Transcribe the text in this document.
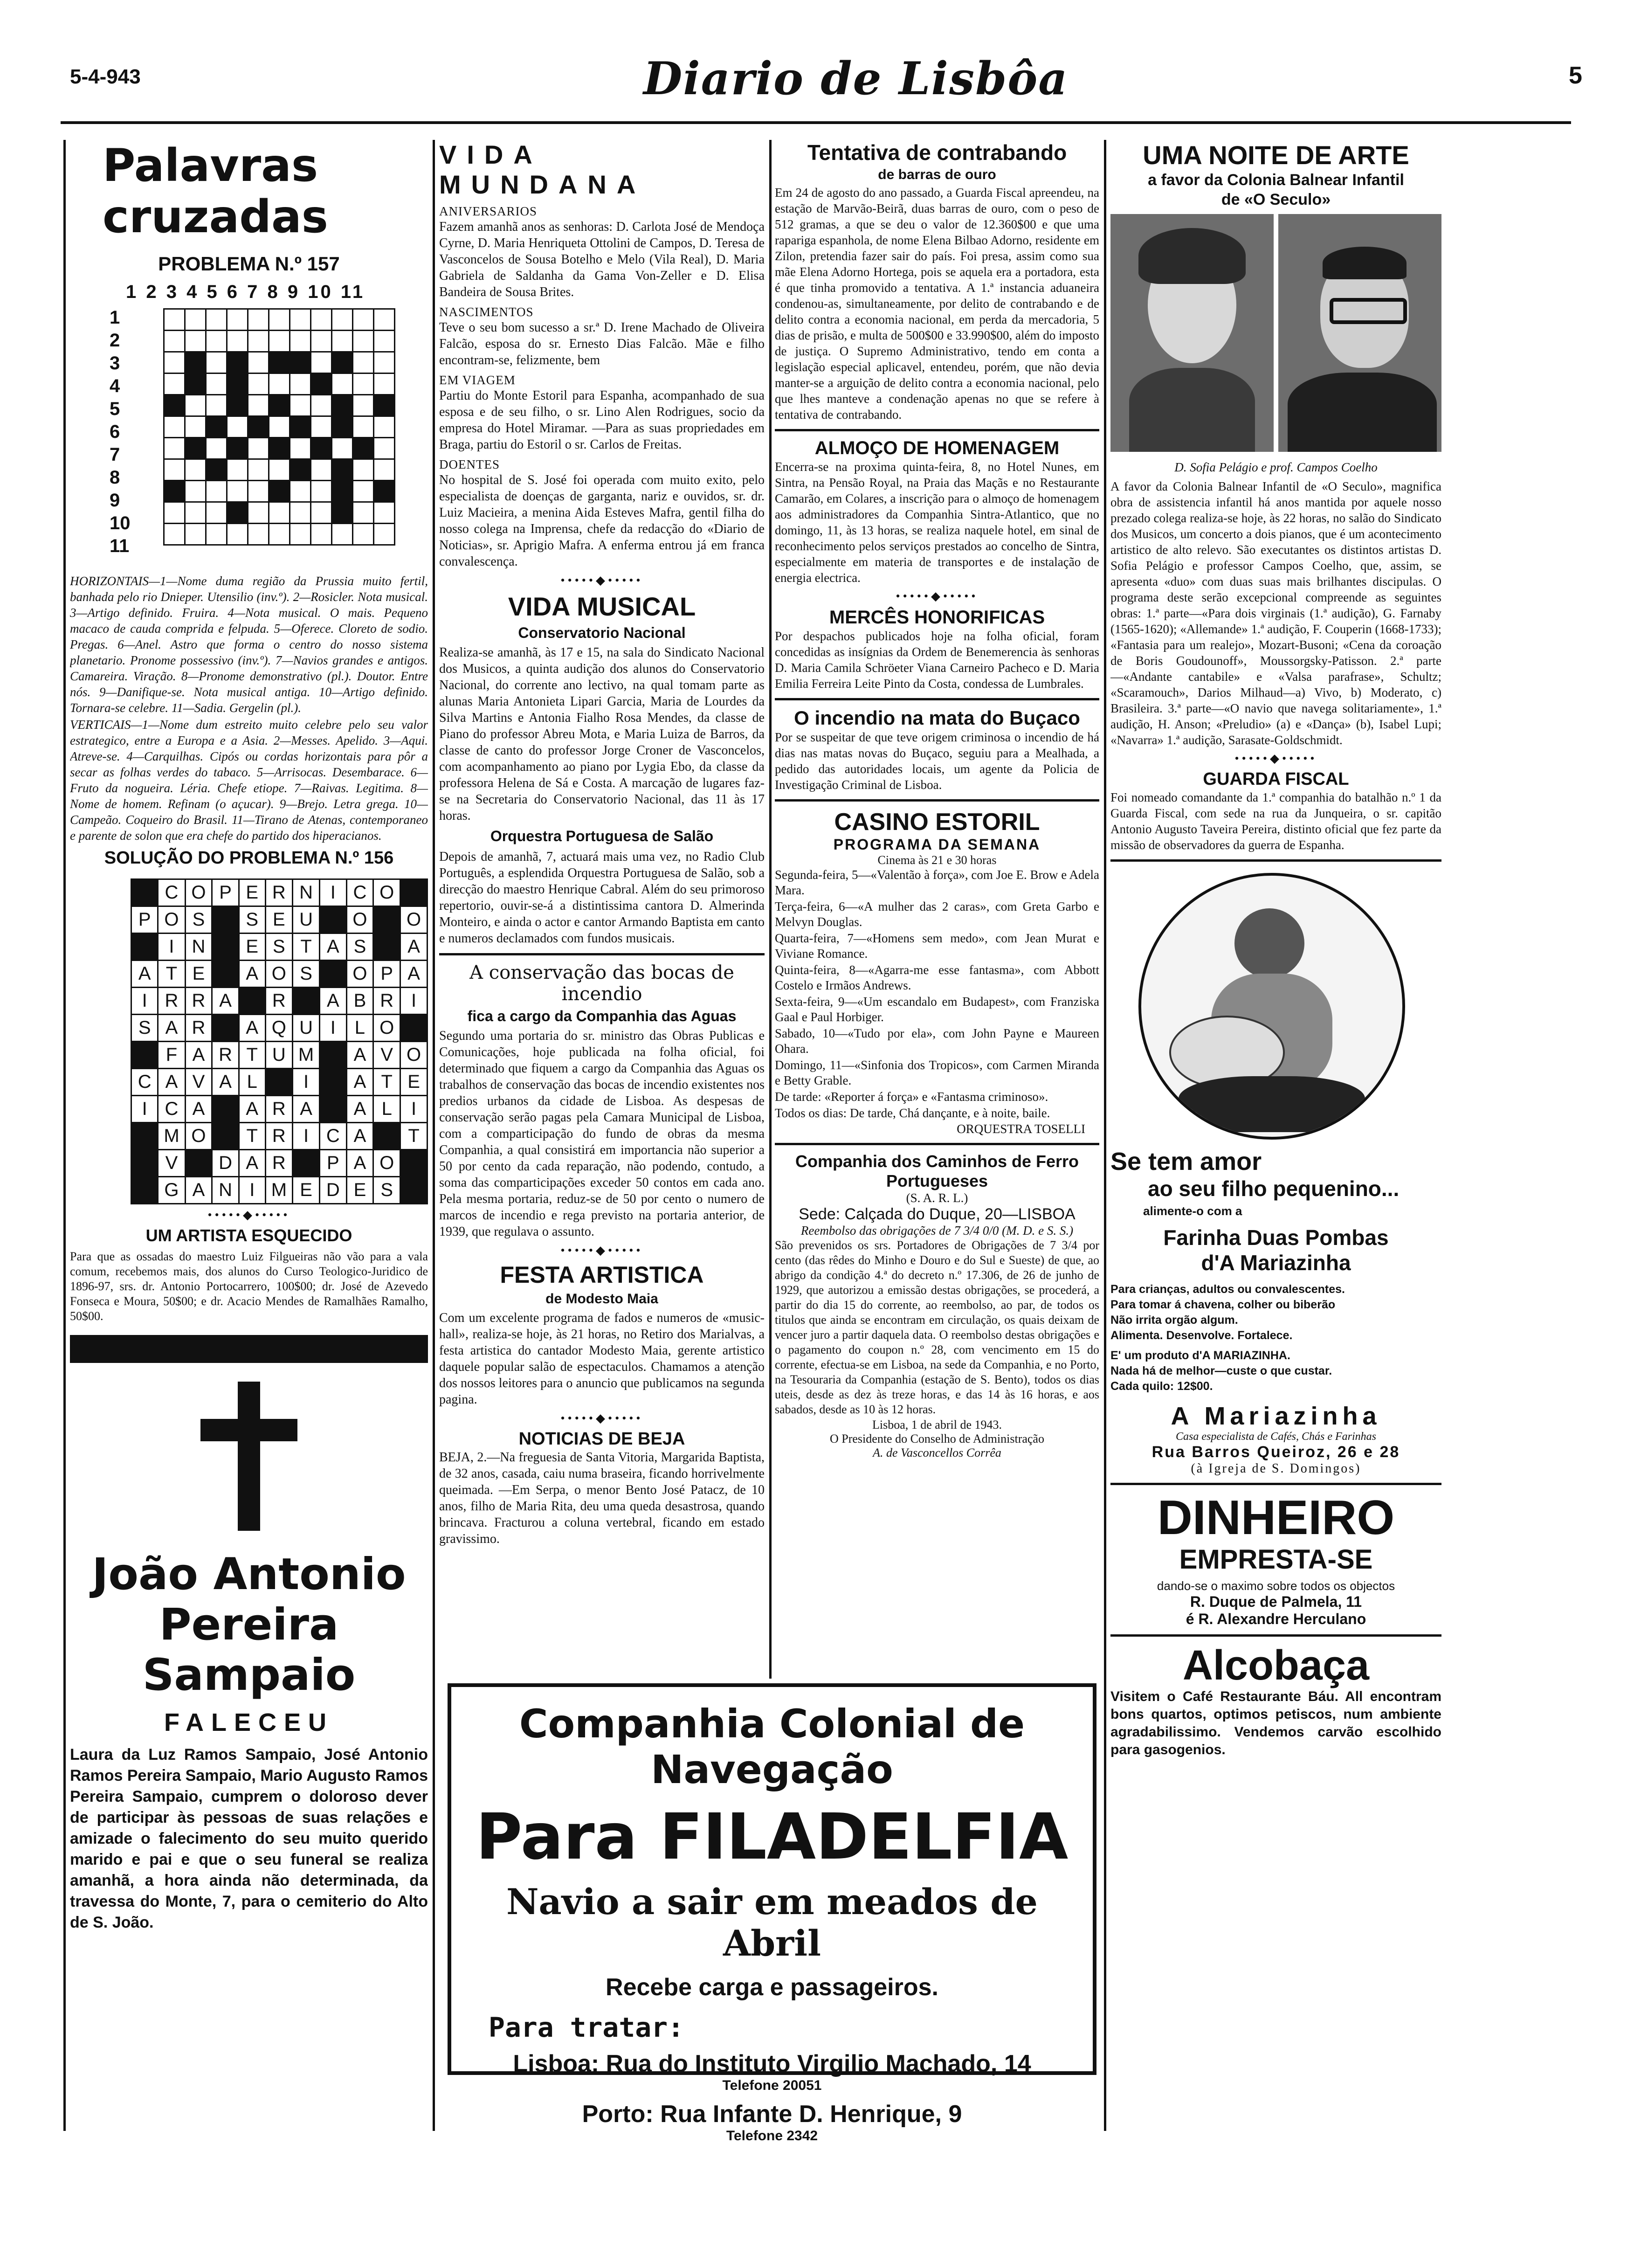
5-4-943	Diario de Lisbôa	5
Palavras cruzadas
PROBLEMA N.º 157
1 2 3 4 5 6 7 8 9 10 11
1
2
3
4
5
6
7
8
9
10
11

HORIZONTAIS—1—Nome duma região da Prussia muito fertil, banhada pelo rio Dnieper. Utensilio (inv.º). 2—Rosicler. Nota musical. 3—Artigo definido. Fruira. 4—Nota musical. O mais. Pequeno macaco de cauda comprida e felpuda. 5—Oferece. Cloreto de sodio. Pregas. 6—Anel. Astro que forma o centro do nosso sistema planetario. Pronome possessivo (inv.º). 7—Navios grandes e antigos. Camareira. Viração. 8—Pronome demonstrativo (pl.). Doutor. Entre nós. 9—Danifique-se. Nota musical antiga. 10—Artigo definido. Tornara-se celebre. 11—Sadia. Gergelin (pl.).
VERTICAIS—1—Nome dum estreito muito celebre pelo seu valor estrategico, entre a Europa e a Asia. 2—Messes. Apelido. 3—Aqui. Atreve-se. 4—Carquilhas. Cipós ou cordas horizontais para pôr a secar as folhas verdes do tabaco. 5—Arrisocas. Desembarace. 6—Fruto da nogueira. Léria. Chefe etiope. 7—Raivas. Legitima. 8—Nome de homem. Refinam (o açucar). 9—Brejo. Letra grega. 10—Campeão. Coqueiro do Brasil. 11—Tirano de Atenas, contemporaneo e parente de solon que era chefe do partido dos hiperacianos.
SOLUÇÃO DO PROBLEMA N.º 156
	C	O	P	E	R	N	I	C	O	
P	O	S		S	E	U		O		O
	I	N		E	S	T	A	S		A
A	T	E		A	O	S		O	P	A
I	R	R	A		R		A	B	R	I
S	A	R		A	Q	U	I	L	O	
	F	A	R	T	U	M		A	V	O
C	A	V	A	L		I		A	T	E
I	C	A		A	R	A		A	L	I
	M	O		T	R	I	C	A		T
	V		D	A	R		P	A	O	
	G	A	N	I	M	E	D	E	S	
•••••◆•••••
UM ARTISTA ESQUECIDO
Para que as ossadas do maestro Luiz Filgueiras não vão para a vala comum, recebemos mais, dos alunos do Curso Teologico-Juridico de 1896-97, srs. dr. Antonio Portocarrero, 100$00; dr. José de Azevedo Fonseca e Moura, 50$00; e dr. Acacio Mendes de Ramalhães Ramalho, 50$00.
João Antonio Pereira Sampaio
FALECEU
Laura da Luz Ramos Sampaio, José Antonio Ramos Pereira Sampaio, Mario Augusto Ramos Pereira Sampaio, cumprem o doloroso dever de participar às pessoas de suas relações e amizade o falecimento do seu muito querido marido e pai e que o seu funeral se realiza amanhã, a hora ainda não determinada, da travessa do Monte, 7, para o cemiterio do Alto de S. João.
VIDA MUNDANA
ANIVERSARIOS
Fazem amanhã anos as senhoras: D. Carlota José de Mendoça Cyrne, D. Maria Henriqueta Ottolini de Campos, D. Teresa de Vasconcelos de Sousa Botelho e Melo (Vila Real), D. Maria Gabriela de Saldanha da Gama Von-Zeller e D. Elisa Bandeira de Sousa Brites.
NASCIMENTOS
Teve o seu bom sucesso a sr.ª D. Irene Machado de Oliveira Falcão, esposa do sr. Ernesto Dias Falcão. Mãe e filho encontram-se, felizmente, bem
EM VIAGEM
Partiu do Monte Estoril para Espanha, acompanhado de sua esposa e de seu filho, o sr. Lino Alen Rodrigues, socio da empresa do Hotel Miramar. —Para as suas propriedades em Braga, partiu do Estoril o sr. Carlos de Freitas.
DOENTES
No hospital de S. José foi operada com muito exito, pelo especialista de doenças de garganta, nariz e ouvidos, sr. dr. Luiz Macieira, a menina Aida Esteves Mafra, gentil filha do nosso colega na Imprensa, chefe da redacção do «Diario de Noticias», sr. Aprigio Mafra. A enferma entrou já em franca convalescença.
•••••◆•••••
VIDA MUSICAL
Conservatorio Nacional
Realiza-se amanhã, às 17 e 15, na sala do Sindicato Nacional dos Musicos, a quinta audição dos alunos do Conservatorio Nacional, do corrente ano lectivo, na qual tomam parte as alunas Maria Antonieta Lipari Garcia, Maria de Lourdes da Silva Martins e Antonia Fialho Rosa Mendes, da classe de Piano do professor Abreu Mota, e Maria Luiza de Barros, da classe de canto do professor Jorge Croner de Vasconcelos, com acompanhamento ao piano por Lygia Ebo, da classe da professora Helena de Sá e Costa. A marcação de lugares faz-se na Secretaria do Conservatorio Nacional, das 11 às 17 horas.
Orquestra Portuguesa de Salão
Depois de amanhã, 7, actuará mais uma vez, no Radio Club Português, a esplendida Orquestra Portuguesa de Salão, sob a direcção do maestro Henrique Cabral. Além do seu primoroso repertorio, ouvir-se-á a distintissima cantora D. Almerinda Monteiro, e ainda o actor e cantor Armando Baptista em canto e numeros declamados com fundos musicais.
A conservação das bocas de incendio
fica a cargo da Companhia das Aguas
Segundo uma portaria do sr. ministro das Obras Publicas e Comunicações, hoje publicada na folha oficial, foi determinado que fiquem a cargo da Companhia das Aguas os trabalhos de conservação das bocas de incendio existentes nos predios urbanos da cidade de Lisboa. As despesas de conservação serão pagas pela Camara Municipal de Lisboa, com a comparticipação do fundo de obras da mesma Companhia, a qual consistirá em importancia não superior a 50 por cento da cada reparação, não podendo, contudo, a soma das comparticipações exceder 50 contos em cada ano. Pela mesma portaria, reduz-se de 50 por cento o numero de marcos de incendio e rega previsto na portaria anterior, de 1939, que regulava o assunto.
•••••◆•••••
FESTA ARTISTICA
de Modesto Maia
Com um excelente programa de fados e numeros de «music-hall», realiza-se hoje, às 21 horas, no Retiro dos Marialvas, a festa artistica do cantador Modesto Maia, gerente artistico daquele popular salão de espectaculos. Chamamos a atenção dos nossos leitores para o anuncio que publicamos na segunda pagina.
•••••◆•••••
NOTICIAS DE BEJA
BEJA, 2.—Na freguesia de Santa Vitoria, Margarida Baptista, de 32 anos, casada, caiu numa braseira, ficando horrivelmente queimada. —Em Serpa, o menor Bento José Patacz, de 10 anos, filho de Maria Rita, deu uma queda desastrosa, quando brincava. Fracturou a coluna vertebral, ficando em estado gravissimo.
Tentativa de contrabando
de barras de ouro
Em 24 de agosto do ano passado, a Guarda Fiscal apreendeu, na estação de Marvão-Beirã, duas barras de ouro, com o peso de 512 gramas, a que se deu o valor de 12.360$00 e que uma rapariga espanhola, de nome Elena Bilbao Adorno, residente em Zilon, pretendia fazer sair do país. Foi presa, assim como sua mãe Elena Adorno Hortega, pois se aquela era a portadora, esta é que tinha promovido a tentativa. A 1.ª instancia aduaneira condenou-as, simultaneamente, por delito de contrabando e de delito contra a economia nacional, em perda da mercadoria, 5 dias de prisão, e multa de 500$00 e 33.990$00, além do imposto de justiça. O Supremo Administrativo, tendo em conta a legislação especial aplicavel, entendeu, porém, que não devia manter-se a arguição de delito contra a economia nacional, pelo que lhes manteve a condenação apenas no que se refere à tentativa de contrabando.
ALMOÇO DE HOMENAGEM
Encerra-se na proxima quinta-feira, 8, no Hotel Nunes, em Sintra, na Pensão Royal, na Praia das Maçãs e no Restaurante Camarão, em Colares, a inscrição para o almoço de homenagem aos administradores da Companhia Sintra-Atlantico, que no domingo, 11, às 13 horas, se realiza naquele hotel, em sinal de reconhecimento pelos serviços prestados ao concelho de Sintra, especialmente em materia de transportes e de instalação de energia electrica.
•••••◆•••••
MERCÊS HONORIFICAS
Por despachos publicados hoje na folha oficial, foram concedidas as insígnias da Ordem de Benemerencia às senhoras D. Maria Camila Schröeter Viana Carneiro Pacheco e D. Maria Emilia Ferreira Leite Pinto da Costa, condessa de Lumbrales.
O incendio na mata do Buçaco
Por se suspeitar de que teve origem criminosa o incendio de há dias nas matas novas do Buçaco, seguiu para a Mealhada, a pedido das autoridades locais, um agente da Policia de Investigação Criminal de Lisboa.
CASINO ESTORIL
PROGRAMA DA SEMANA
Cinema às 21 e 30 horas
Segunda-feira, 5—«Valentão à força», com Joe E. Brow e Adela Mara.
Terça-feira, 6—«A mulher das 2 caras», com Greta Garbo e Melvyn Douglas.
Quarta-feira, 7—«Homens sem medo», com Jean Murat e Viviane Romance.
Quinta-feira, 8—«Agarra-me esse fantasma», com Abbott Costelo e Irmãos Andrews.
Sexta-feira, 9—«Um escandalo em Budapest», com Franziska Gaal e Paul Horbiger.
Sabado, 10—«Tudo por ela», com John Payne e Maureen Ohara.
Domingo, 11—«Sinfonia dos Tropicos», com Carmen Miranda e Betty Grable.
De tarde: «Reporter á força» e «Fantasma criminoso».
Todos os dias: De tarde, Chá dançante, e à noite, baile.
ORQUESTRA TOSELLI
Companhia dos Caminhos de Ferro Portugueses
(S. A. R. L.)
Sede: Calçada do Duque, 20—LISBOA
Reembolso das obrigações de 7 3/4 0/0 (M. D. e S. S.)
São prevenidos os srs. Portadores de Obrigações de 7 3/4 por cento (das rêdes do Minho e Douro e do Sul e Sueste) de que, ao abrigo da condição 4.ª do decreto n.º 17.306, de 26 de junho de 1929, que autorizou a emissão destas obrigações, se procederá, a partir do dia 15 do corrente, ao reembolso, ao par, de todos os titulos que ainda se encontram em circulação, os quais deixam de vencer juro a partir daquela data. O reembolso destas obrigações e o pagamento do coupon n.º 28, com vencimento em 15 do corrente, efectua-se em Lisboa, na sede da Companhia, e no Porto, na Tesouraria da Companhia (estação de S. Bento), todos os dias uteis, desde as dez às treze horas, e das 14 às 16 horas, e aos sabados, desde as 10 às 12 horas.
Lisboa, 1 de abril de 1943.
O Presidente do Conselho de Administração
A. de Vasconcellos Corrêa
UMA NOITE DE ARTE
a favor da Colonia Balnear Infantil de «O Seculo»
D. Sofia Pelágio e prof. Campos Coelho
A favor da Colonia Balnear Infantil de «O Seculo», magnifica obra de assistencia infantil há anos mantida por aquele nosso prezado colega realiza-se hoje, às 22 horas, no salão do Sindicato dos Musicos, um concerto a dois pianos, que é um acontecimento artistico de alto relevo. São executantes os distintos artistas D. Sofia Pelágio e professor Campos Coelho, que, assim, se apresenta «duo» com duas suas mais brilhantes discipulas. O programa deste serão excepcional compreende as seguintes obras: 1.ª parte—«Para dois virginais (1.ª audição), G. Farnaby (1565-1620); «Allemande» 1.ª audição, F. Couperin (1668-1733); «Fantasia para um realejo», Mozart-Busoni; «Cena da coroação de Boris Goudounoff», Moussorgsky-Patisson. 2.ª parte—«Andante cantabile» e «Valsa parafrase», Schultz; «Scaramouch», Darios Milhaud—a) Vivo, b) Moderato, c) Brasileira. 3.ª parte—«O navio que navega solitariamente», 1.ª audição, H. Anson; «Preludio» (a) e «Dança» (b), Isabel Lupi; «Navarra» 1.ª audição, Sarasate-Goldschmidt.
•••••◆•••••
GUARDA FISCAL
Foi nomeado comandante da 1.ª companhia do batalhão n.º 1 da Guarda Fiscal, com sede na rua da Junqueira, o sr. capitão Antonio Augusto Taveira Pereira, distinto oficial que fez parte da missão de observadores da guerra de Espanha.
Se tem amor
ao seu filho pequenino...
alimente-o com a
Farinha Duas Pombas
d'A Mariazinha
Para crianças, adultos ou convalescentes.
Para tomar á chavena, colher ou biberão
Não irrita orgão algum.
Alimenta. Desenvolve. Fortalece.
E' um produto d'A MARIAZINHA.
Nada há de melhor—custe o que custar.
Cada quilo: 12$00.
A Mariazinha
Casa especialista de Cafés, Chás e Farinhas
Rua Barros Queiroz, 26 e 28
(à Igreja de S. Domingos)
DINHEIRO
EMPRESTA-SE
dando-se o maximo sobre todos os objectos
R. Duque de Palmela, 11
é R. Alexandre Herculano
Alcobaça
Visitem o Café Restaurante Báu. All encontram bons quartos, optimos petiscos, num ambiente agradabilissimo. Vendemos carvão escolhido para gasogenios.
Companhia Colonial de Navegação
Para FILADELFIA
Navio a sair em meados de Abril
Recebe carga e passageiros.
Para tratar:
Lisboa: Rua do Instituto Virgilio Machado, 14
Telefone 20051
Porto: Rua Infante D. Henrique, 9
Telefone 2342
